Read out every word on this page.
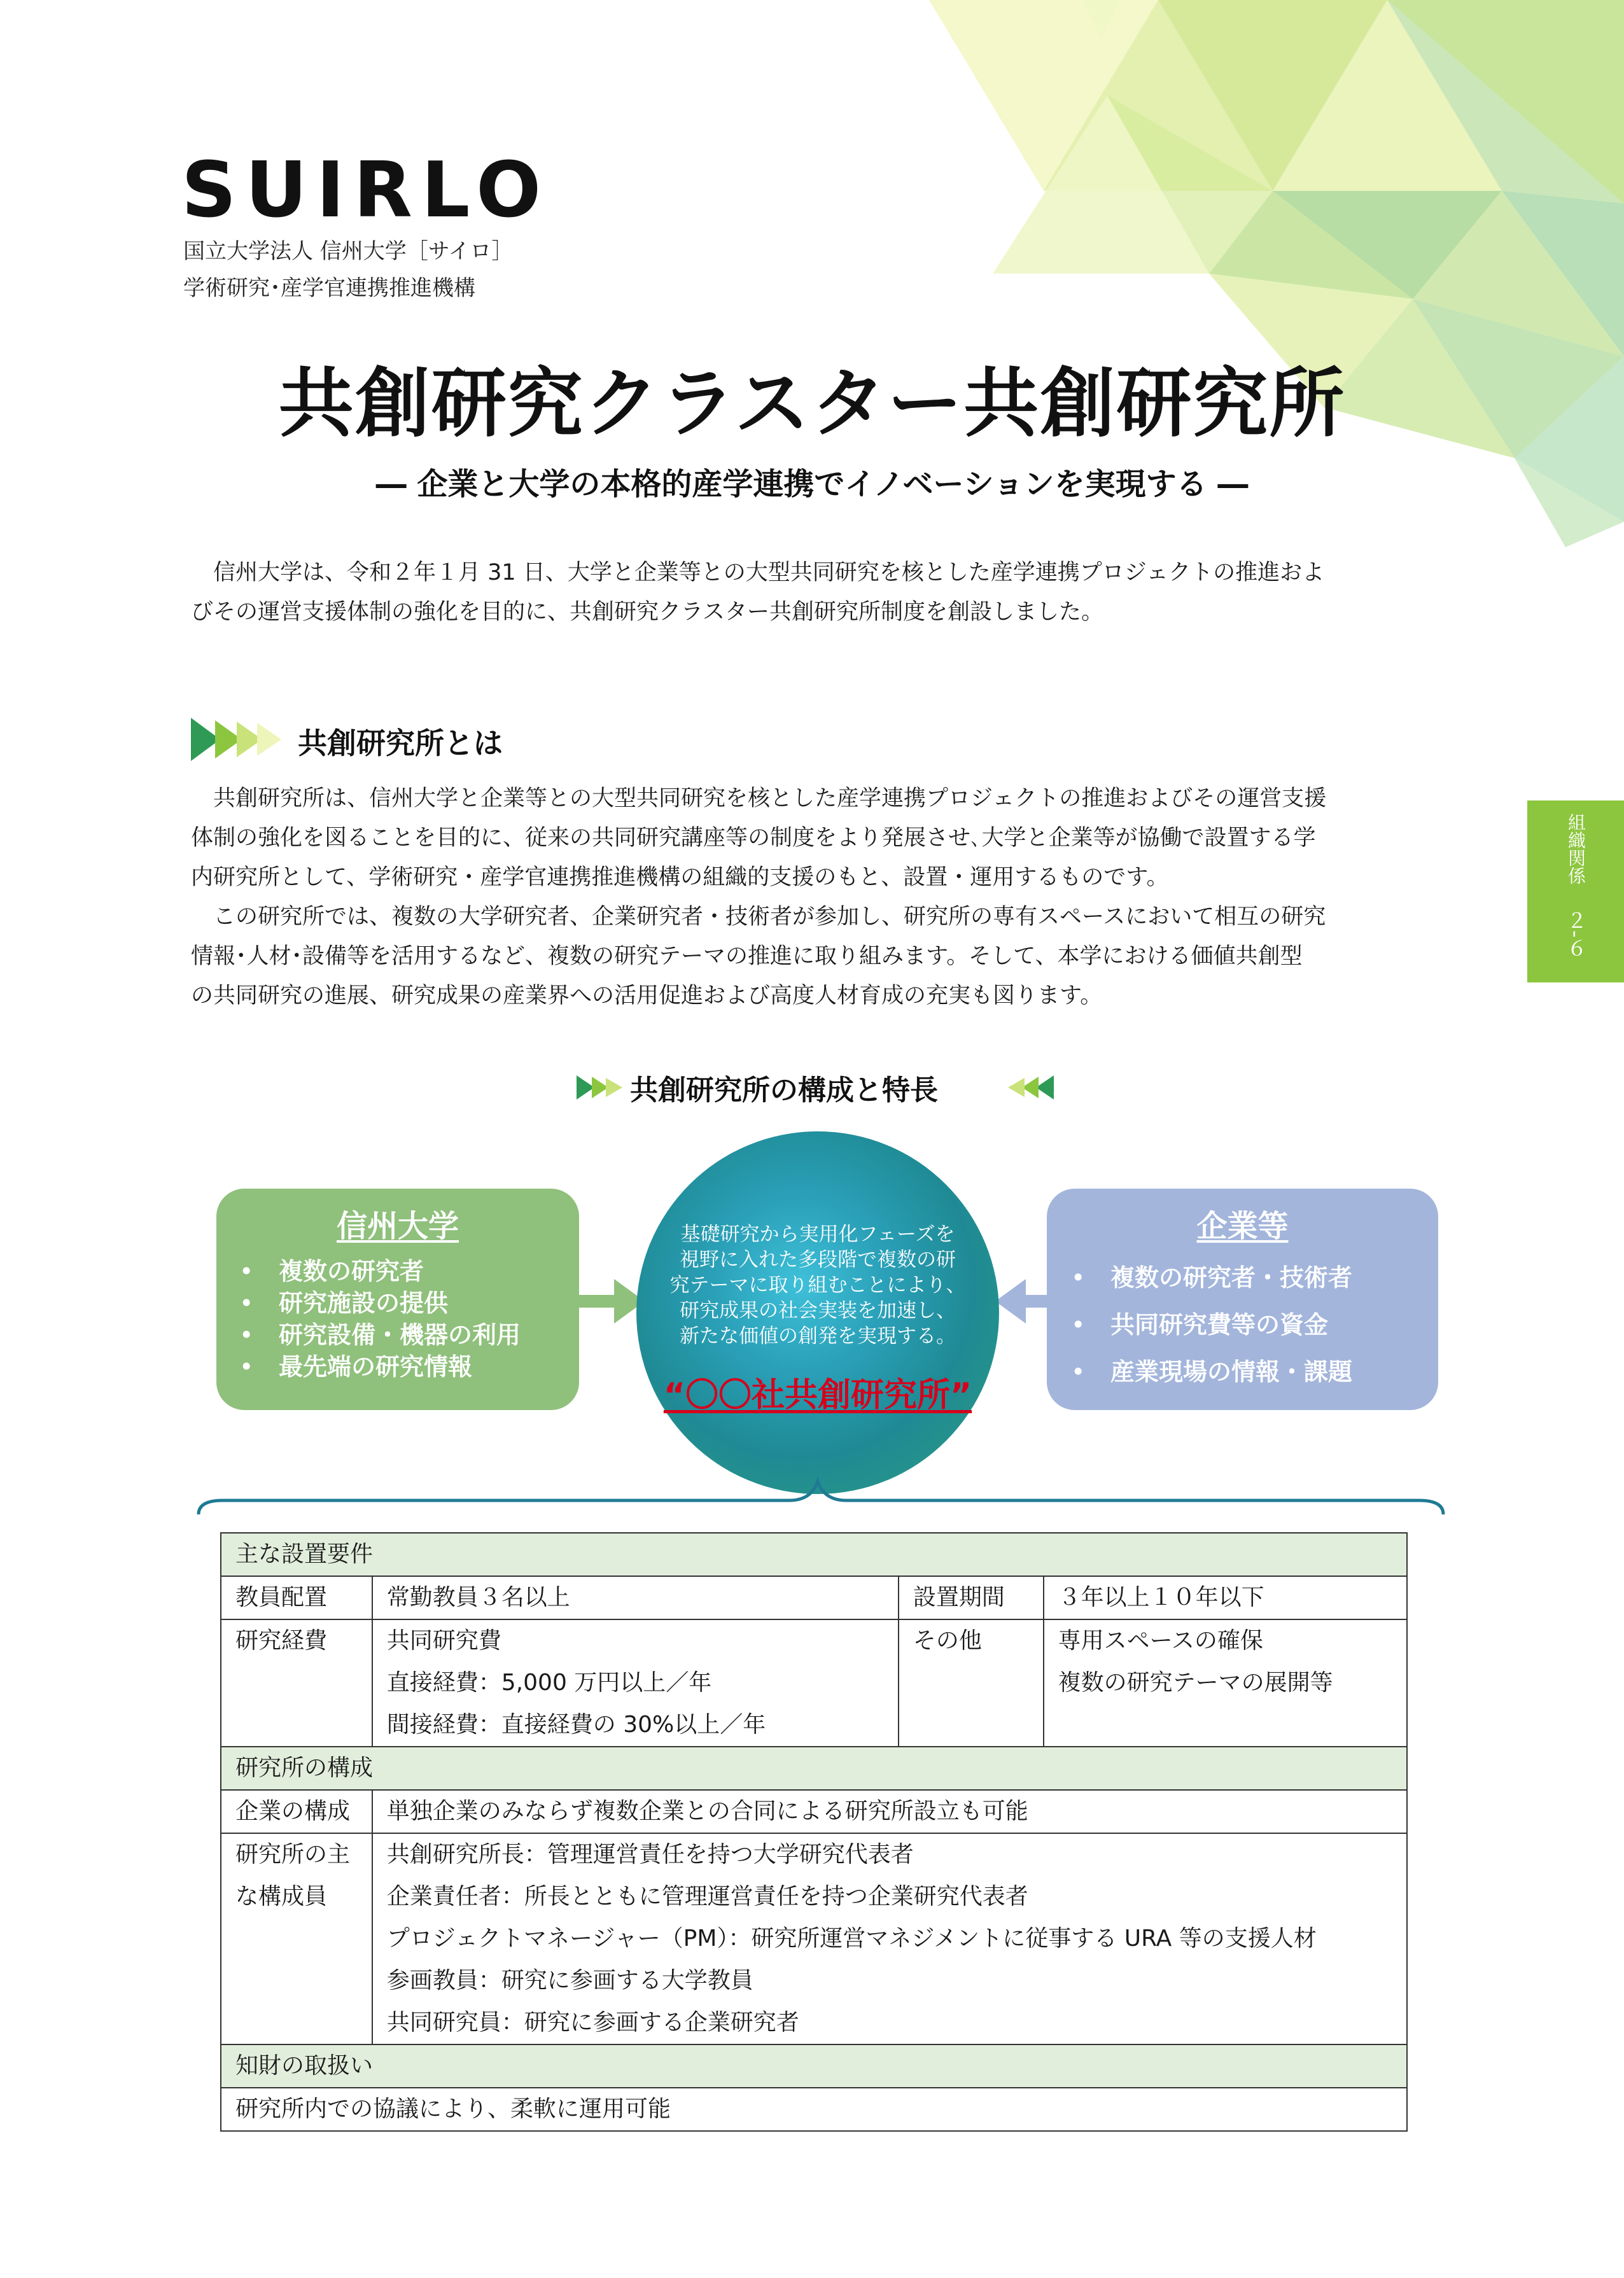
SUIRLO
国立大学法人 信州大学［サイロ］
学術研究･産学官連携推進機構
共創研究クラスター共創研究所
― 企業と大学の本格的産学連携でイノベーションを実現する ―

信州大学は、令和２年１月 31 日、大学と企業等との大型共同研究を核とした産学連携プロジェクトの推進およ

びその運営支援体制の強化を目的に、共創研究クラスター共創研究所制度を創設しました。
共創研究所とは

共創研究所は、信州大学と企業等との大型共同研究を核とした産学連携プロジェクトの推進およびその運営支援

体制の強化を図ることを目的に、従来の共同研究講座等の制度をより発展させ､大学と企業等が協働で設置する学
内研究所として、学術研究・産学官連携推進機構の組織的支援のもと、設置・運用するものです。

この研究所では、複数の大学研究者、企業研究者・技術者が参加し、研究所の専有スペースにおいて相互の研究

情報･人材･設備等を活用するなど、複数の研究テーマの推進に取り組みます。そして、本学における価値共創型
の共同研究の進展、研究成果の産業界への活用促進および高度人材育成の充実も図ります。
組織関係２-６
共創研究所の構成と特長
信州大学
• 複数の研究者
• 研究施設の提供
• 研究設備・機器の利用
• 最先端の研究情報
企業等
• 複数の研究者・技術者
• 共同研究費等の資金
• 産業現場の情報・課題
基礎研究から実用化フェーズを
視野に入れた多段階で複数の研
究テーマに取り組むことにより、
研究成果の社会実装を加速し、
新たな価値の創発を実現する。
“〇〇社共創研究所”
主な設置要件			

教員配置	常勤教員３名以上	設置期間	３年以上１０年以下

研究経費	共同研究費
直接経費：5,000 万円以上／年
間接経費：直接経費の 30%以上／年	その他	専用スペースの確保
複数の研究テーマの展開等

研究所の構成			

企業の構成	単独企業のみならず複数企業との合同による研究所設立も可能		

研究所の主
な構成員	共創研究所長：管理運営責任を持つ大学研究代表者
企業責任者：所長とともに管理運営責任を持つ企業研究代表者
プロジェクトマネージャー（PM）：研究所運営マネジメントに従事する URA 等の支援人材
参画教員：研究に参画する大学教員
共同研究員：研究に参画する企業研究者		

知財の取扱い			

研究所内での協議により、柔軟に運用可能			
